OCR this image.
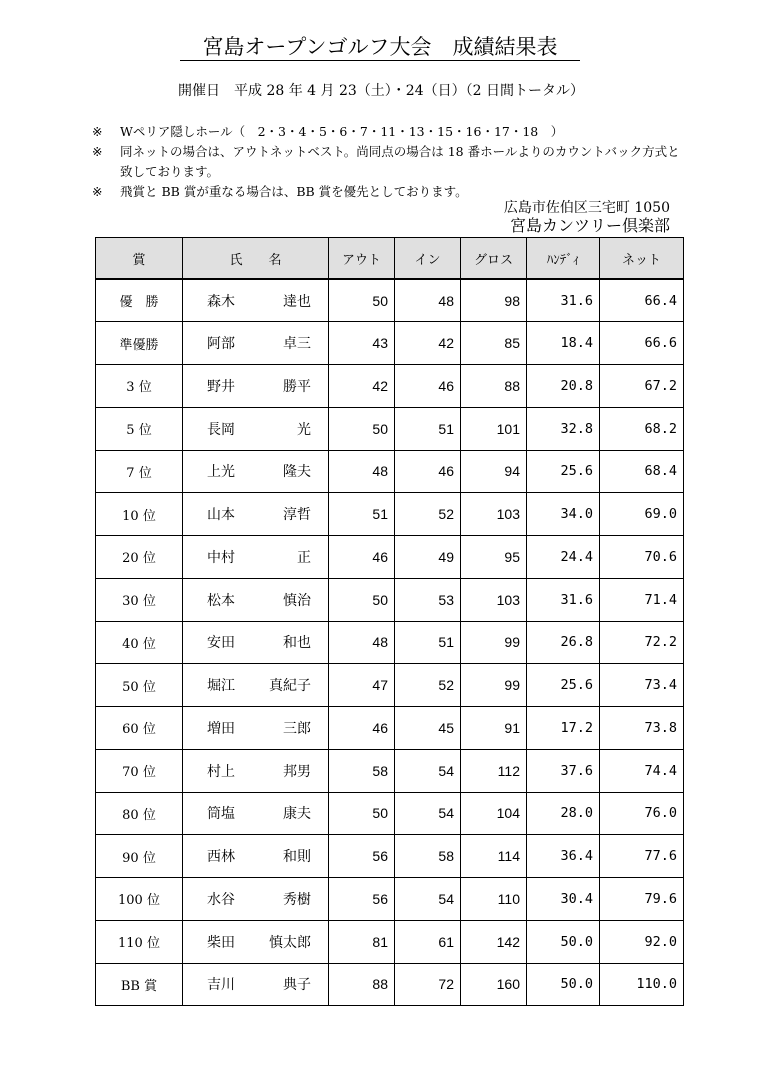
宮島オープンゴルフ大会　成績結果表
開催日　平成 28 年 4 月 23（土）・24（日）（2 日間トータル）
※	Wペリア隠しホール（　2・3・4・5・6・7・11・13・15・16・17・18　）
※	同ネットの場合は、アウトネットベスト。尚同点の場合は 18 番ホールよりのカウントバック方式と致しております。
※	飛賞と BB 賞が重なる場合は、BB 賞を優先としております。
広島市佐伯区三宅町 1050
宮島カンツリー倶楽部
賞	氏　　名	アウト	イン	グロス	ﾊﾝﾃﾞｨ	ネット
優　勝	森木 達也	50	48	98	31.6	66.4
準優勝	阿部 卓三	43	42	85	18.4	66.6
3 位	野井 勝平	42	46	88	20.8	67.2
5 位	長岡 光	50	51	101	32.8	68.2
7 位	上光 隆夫	48	46	94	25.6	68.4
10 位	山本 淳哲	51	52	103	34.0	69.0
20 位	中村 正	46	49	95	24.4	70.6
30 位	松本 慎治	50	53	103	31.6	71.4
40 位	安田 和也	48	51	99	26.8	72.2
50 位	堀江 真紀子	47	52	99	25.6	73.4
60 位	増田 三郎	46	45	91	17.2	73.8
70 位	村上 邦男	58	54	112	37.6	74.4
80 位	筒塩 康夫	50	54	104	28.0	76.0
90 位	西林 和則	56	58	114	36.4	77.6
100 位	水谷 秀樹	56	54	110	30.4	79.6
110 位	柴田 慎太郎	81	61	142	50.0	92.0
BB 賞	吉川 典子	88	72	160	50.0	110.0
